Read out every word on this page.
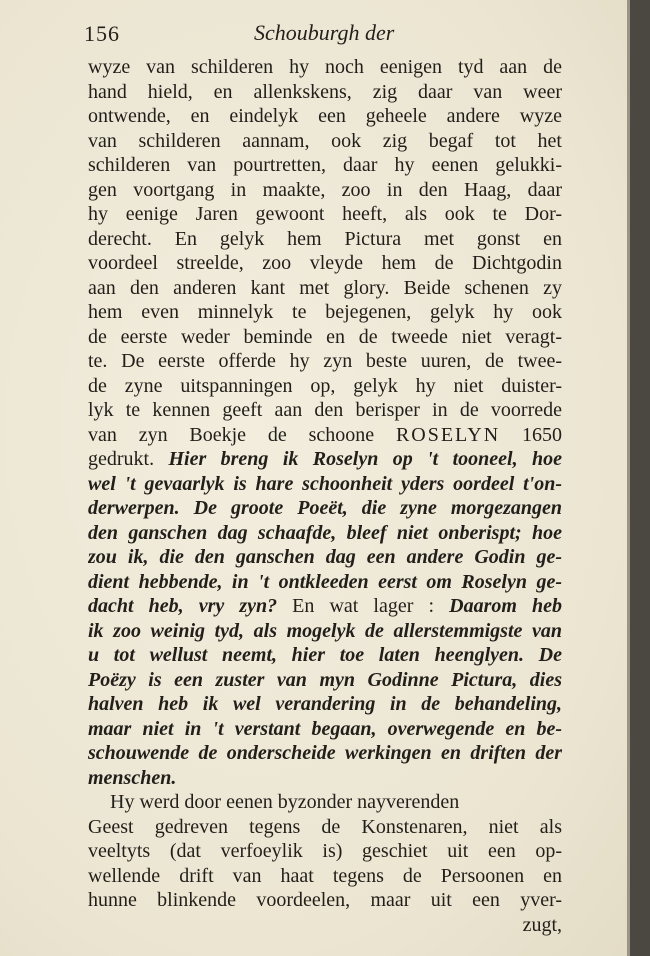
156	Schouburgh der
wyze van schilderen hy noch eenigen tyd aan de
hand hield, en allenkskens, zig daar van weer
ontwende, en eindelyk een geheele andere wyze
van schilderen aannam, ook zig begaf tot het
schilderen van pourtretten, daar hy eenen gelukki-
gen voortgang in maakte, zoo in den Haag, daar
hy eenige Jaren gewoont heeft, als ook te Dor-
derecht. En gelyk hem Pictura met gonst en
voordeel streelde, zoo vleyde hem de Dichtgodin
aan den anderen kant met glory. Beide schenen zy
hem even minnelyk te bejegenen, gelyk hy ook
de eerste weder beminde en de tweede niet veragt-
te. De eerste offerde hy zyn beste uuren, de twee-
de zyne uitspanningen op, gelyk hy niet duister-
lyk te kennen geeft aan den berisper in de voorrede
van zyn Boekje de schoone ROSELYN 1650
gedrukt. Hier breng ik Roselyn op 't tooneel, hoe
wel 't gevaarlyk is hare schoonheit yders oordeel t'on-
derwerpen. De groote Poeët, die zyne morgezangen
den ganschen dag schaafde, bleef niet onberispt; hoe
zou ik, die den ganschen dag een andere Godin ge-
dient hebbende, in 't ontkleeden eerst om Roselyn ge-
dacht heb, vry zyn? En wat lager : Daarom heb
ik zoo weinig tyd, als mogelyk de allerstemmigste van
u tot wellust neemt, hier toe laten heenglyen. De
Poëzy is een zuster van myn Godinne Pictura, dies
halven heb ik wel verandering in de behandeling,
maar niet in 't verstant begaan, overwegende en be-
schouwende de onderscheide werkingen en driften der
menschen.
Hy werd door eenen byzonder nayverenden
Geest gedreven tegens de Konstenaren, niet als
veeltyts (dat verfoeylik is) geschiet uit een op-
wellende drift van haat tegens de Persoonen en
hunne blinkende voordeelen, maar uit een yver-
zugt,
